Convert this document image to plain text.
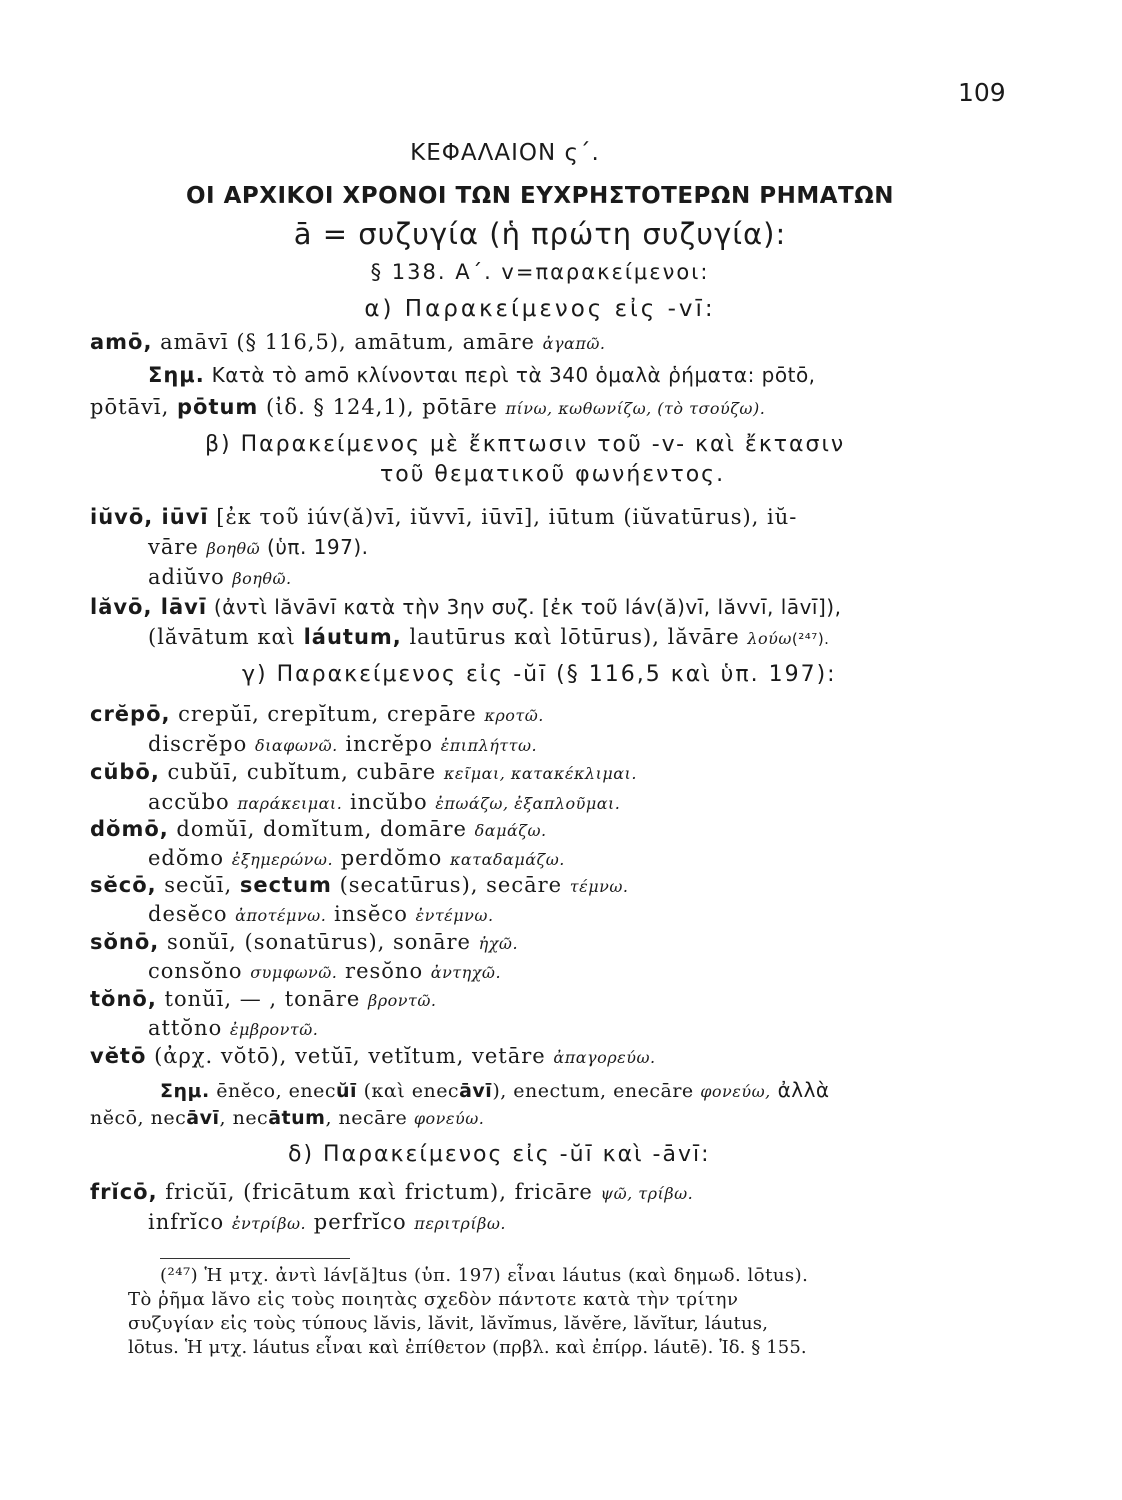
109
ΚΕΦΑΛΑΙΟΝ ς΄.
ΟΙ ΑΡΧΙΚΟΙ ΧΡΟΝΟΙ ΤΩΝ ΕΥΧΡΗΣΤΟΤΕΡΩΝ ΡΗΜΑΤΩΝ
ā = συζυγία (ἡ πρώτη συζυγία):
§ 138. Α΄. v=παρακείμενοι:
α) Παρακείμενος εἰς -vī:
amō, amāvī (§ 116,5), amātum, amāre ἀγαπῶ.
Σημ. Κατὰ τὸ amō κλίνονται περὶ τὰ 340 ὁμαλὰ ῥήματα: pōtō,
pōtāvī, pōtum (ἰδ. § 124,1), pōtāre πίνω, κωθωνίζω, (τὸ τσούζω).
β) Παρακείμενος μὲ ἔκπτωσιν τοῦ -v- καὶ ἔκτασιν
τοῦ θεματικοῦ φωνήεντος.
iŭvō, iūvī [ἐκ τοῦ iúv(ă)vī, iŭvvī, iūvī], iūtum (iŭvatūrus), iŭ-
vāre βοηθῶ (ὑπ. 197).
adiŭvo βοηθῶ.
lăvō, lāvī (ἀντὶ lăvāvī κατὰ τὴν 3ην συζ. [ἐκ τοῦ láv(ă)vī, lăvvī, lāvī]),
(lăvātum καὶ láutum, lautūrus καὶ lōtūrus), lăvāre λούω(²⁴⁷).
γ) Παρακείμενος εἰς -ŭī (§ 116,5 καὶ ὑπ. 197):
crĕpō, crepŭī, crepĭtum, crepāre κροτῶ.
discrĕpo διαφωνῶ. incrĕpo ἐπιπλήττω.
cŭbō, cubŭī, cubĭtum, cubāre κεῖμαι, κατακέκλιμαι.
accŭbo παράκειμαι. incŭbo ἐπωάζω, ἐξαπλοῦμαι.
dŏmō, domŭī, domĭtum, domāre δαμάζω.
edŏmo ἐξημερώνω. perdŏmo καταδαμάζω.
sĕcō, secŭī, sectum (secatūrus), secāre τέμνω.
desĕco ἀποτέμνω. insĕco ἐντέμνω.
sŏnō, sonŭī, (sonatūrus), sonāre ἠχῶ.
consŏno συμφωνῶ. resŏno ἀντηχῶ.
tŏnō, tonŭī, — , tonāre βροντῶ.
attŏno ἐμβροντῶ.
vĕtō (ἀρχ. vŏtō), vetŭī, vetĭtum, vetāre ἀπαγορεύω.
Σημ. ēnĕco, enecŭī (καὶ enecāvī), enectum, enecāre φονεύω, ἀλλὰ
nĕcō, necāvī, necātum, necāre φονεύω.
δ) Παρακείμενος εἰς -ŭī καὶ -āvī:
frĭcō, fricŭī, (fricātum καὶ frictum), fricāre ψῶ, τρίβω.
infrĭco ἐντρίβω. perfrĭco περιτρίβω.
(²⁴⁷) Ἡ μτχ. ἀντὶ láv[ă]tus (ὑπ. 197) εἶναι láutus (καὶ δημωδ. lōtus).
Τὸ ῥῆμα lăvo εἰς τοὺς ποιητὰς σχεδὸν πάντοτε κατὰ τὴν τρίτην
συζυγίαν εἰς τοὺς τύπους lăvis, lăvit, lăvĭmus, lăvĕre, lăvĭtur, láutus,
lōtus. Ἡ μτχ. láutus εἶναι καὶ ἐπίθετον (πρβλ. καὶ ἐπίρρ. láutē). Ἰδ. § 155.
